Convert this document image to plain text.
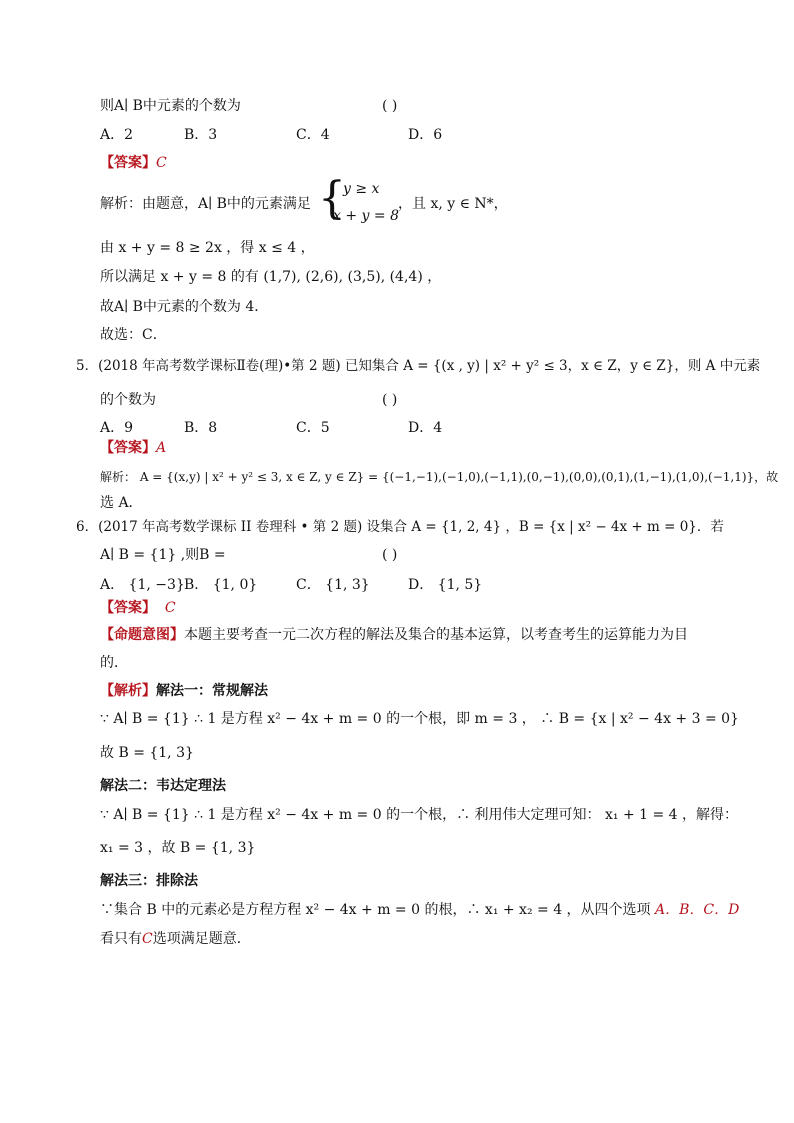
则A∣ B中元素的个数为	( )
A．2	B．3	C．4	D．6
【答案】C
解析：由题意，A∣ B中的元素满足 {
y ≥ x
x + y = 8
，且 x, y ∈ N*，
由 x + y = 8 ≥ 2x ，得 x ≤ 4 ，
所以满足 x + y = 8 的有 (1,7), (2,6), (3,5), (4,4) ，
故A∣ B中元素的个数为 4．
故选：C．
5．(2018 年高考数学课标Ⅱ卷(理)•第 2 题) 已知集合 A = {(x , y) | x² + y² ≤ 3，x ∈ Z，y ∈ Z}，则 A 中元素
的个数为	( )
A．9	B．8	C．5	D．4
【答案】A
解析： A = {(x,y) | x² + y² ≤ 3, x ∈ Z, y ∈ Z} = {(−1,−1),(−1,0),(−1,1),(0,−1),(0,0),(0,1),(1,−1),(1,0),(−1,1)}，故
选 A．
6．(2017 年高考数学课标 II 卷理科 • 第 2 题) 设集合 A = {1, 2, 4} ，B = {x | x² − 4x + m = 0}．若
A∣ B = {1} ,则B =	( )
A． {1, −3} B． {1, 0}	C． {1, 3}	D． {1, 5}
【答案】 C
【命题意图】本题主要考查一元二次方程的解法及集合的基本运算，以考查考生的运算能力为目
的．
【解析】解法一：常规解法
∵ A∣ B = {1} ∴ 1 是方程 x² − 4x + m = 0 的一个根，即 m = 3 ， ∴ B = {x | x² − 4x + 3 = 0}
故 B = {1, 3}
解法二：韦达定理法
∵ A∣ B = {1} ∴ 1 是方程 x² − 4x + m = 0 的一个根，∴ 利用伟大定理可知： x₁ + 1 = 4 ，解得：
x₁ = 3 ，故 B = {1, 3}
解法三：排除法
∵集合 B 中的元素必是方程方程 x² − 4x + m = 0 的根，∴ x₁ + x₂ = 4 ，从四个选项 A．B．C．D
看只有C选项满足题意．
